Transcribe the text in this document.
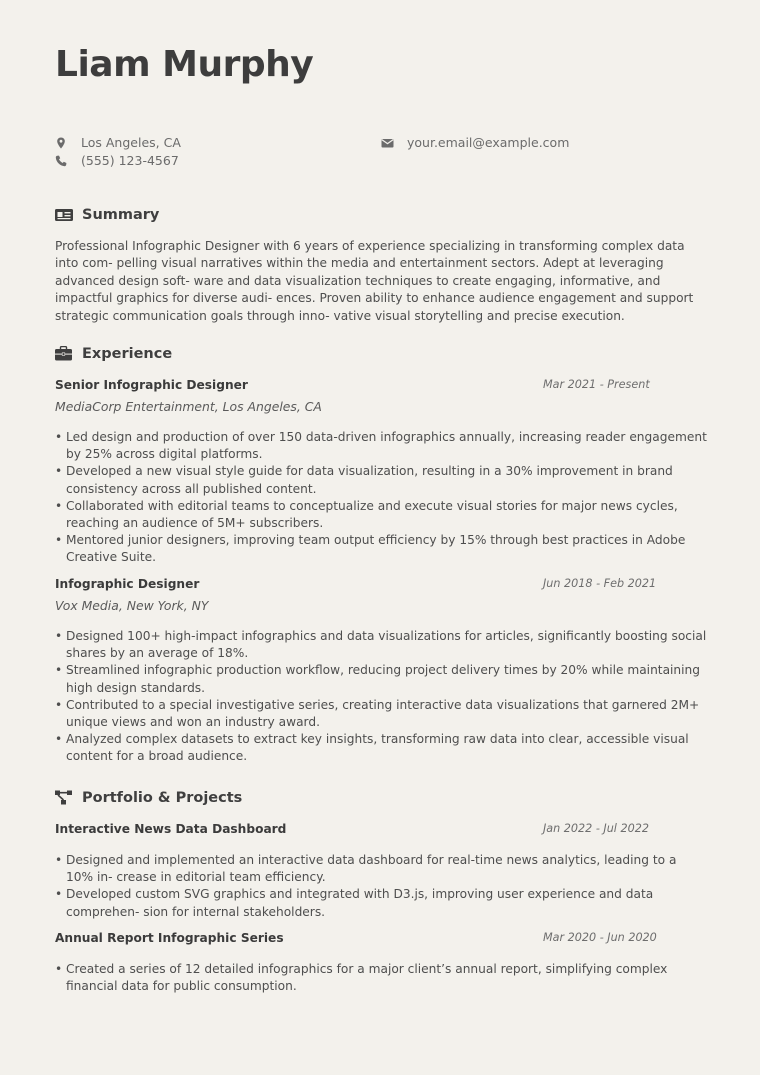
Liam Murphy
Los Angeles, CA
(555) 123-4567
your.email@example.com
Summary
Professional Infographic Designer with 6 years of experience specializing in transforming complex data into com- pelling visual narratives within the media and entertainment sectors. Adept at leveraging advanced design soft- ware and data visualization techniques to create engaging, informative, and impactful graphics for diverse audi- ences. Proven ability to enhance audience engagement and support strategic communication goals through inno- vative visual storytelling and precise execution.
Experience
Senior Infographic Designer	Mar 2021 - Present
MediaCorp Entertainment, Los Angeles, CA
• Led design and production of over 150 data-driven infographics annually, increasing reader engagement by 25% across digital platforms.
• Developed a new visual style guide for data visualization, resulting in a 30% improvement in brand consistency across all published content.
• Collaborated with editorial teams to conceptualize and execute visual stories for major news cycles, reaching an audience of 5M+ subscribers.
• Mentored junior designers, improving team output efficiency by 15% through best practices in Adobe Creative Suite.
Infographic Designer	Jun 2018 - Feb 2021
Vox Media, New York, NY
• Designed 100+ high-impact infographics and data visualizations for articles, significantly boosting social shares by an average of 18%.
• Streamlined infographic production workflow, reducing project delivery times by 20% while maintaining high design standards.
• Contributed to a special investigative series, creating interactive data visualizations that garnered 2M+ unique views and won an industry award.
• Analyzed complex datasets to extract key insights, transforming raw data into clear, accessible visual content for a broad audience.
Portfolio & Projects
Interactive News Data Dashboard	Jan 2022 - Jul 2022
• Designed and implemented an interactive data dashboard for real-time news analytics, leading to a 10% in- crease in editorial team efficiency.
• Developed custom SVG graphics and integrated with D3.js, improving user experience and data comprehen- sion for internal stakeholders.
Annual Report Infographic Series	Mar 2020 - Jun 2020
• Created a series of 12 detailed infographics for a major client’s annual report, simplifying complex financial data for public consumption.
